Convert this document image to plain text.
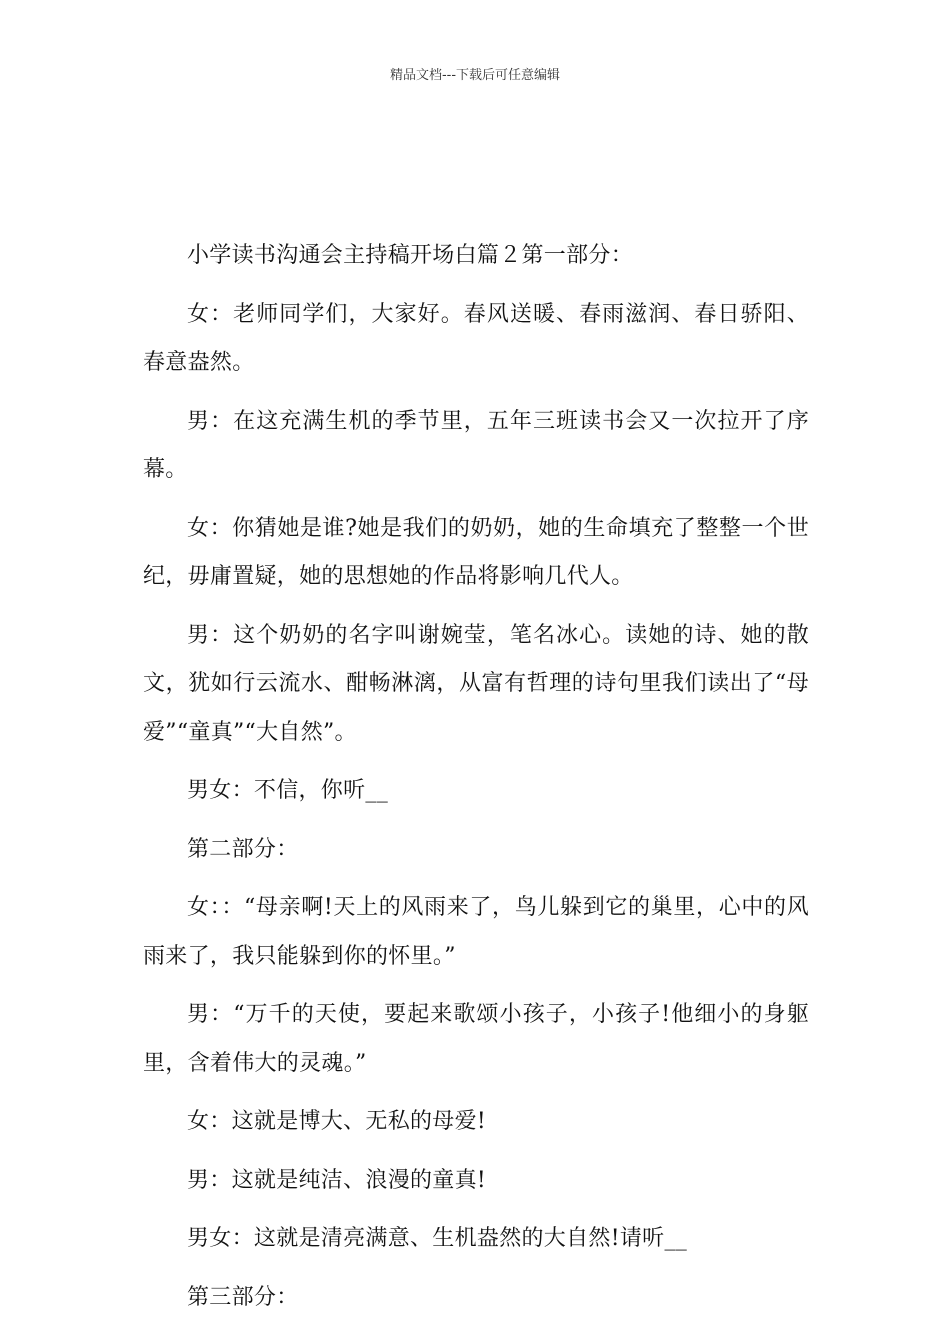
精品文档---下载后可任意编辑

小学读书沟通会主持稿开场白篇２第一部分：

女：老师同学们，大家好。春风送暖、春雨滋润、春日骄阳、春意盎然。

男：在这充满生机的季节里，五年三班读书会又一次拉开了序幕。

女：你猜她是谁?她是我们的奶奶，她的生命填充了整整一个世纪，毋庸置疑，她的思想她的作品将影响几代人。

男：这个奶奶的名字叫谢婉莹，笔名冰心。读她的诗、她的散文，犹如行云流水、酣畅淋漓，从富有哲理的诗句里我们读出了“母爱”“童真”“大自然”。

男女：不信，你听__

第二部分：

女：：“母亲啊!天上的风雨来了，鸟儿躲到它的巢里，心中的风雨来了，我只能躲到你的怀里。”

男：“万千的天使，要起来歌颂小孩子，小孩子!他细小的身躯里，含着伟大的灵魂。”

女：这就是博大、无私的母爱!

男：这就是纯洁、浪漫的童真!

男女：这就是清亮满意、生机盎然的大自然!请听__

第三部分：
